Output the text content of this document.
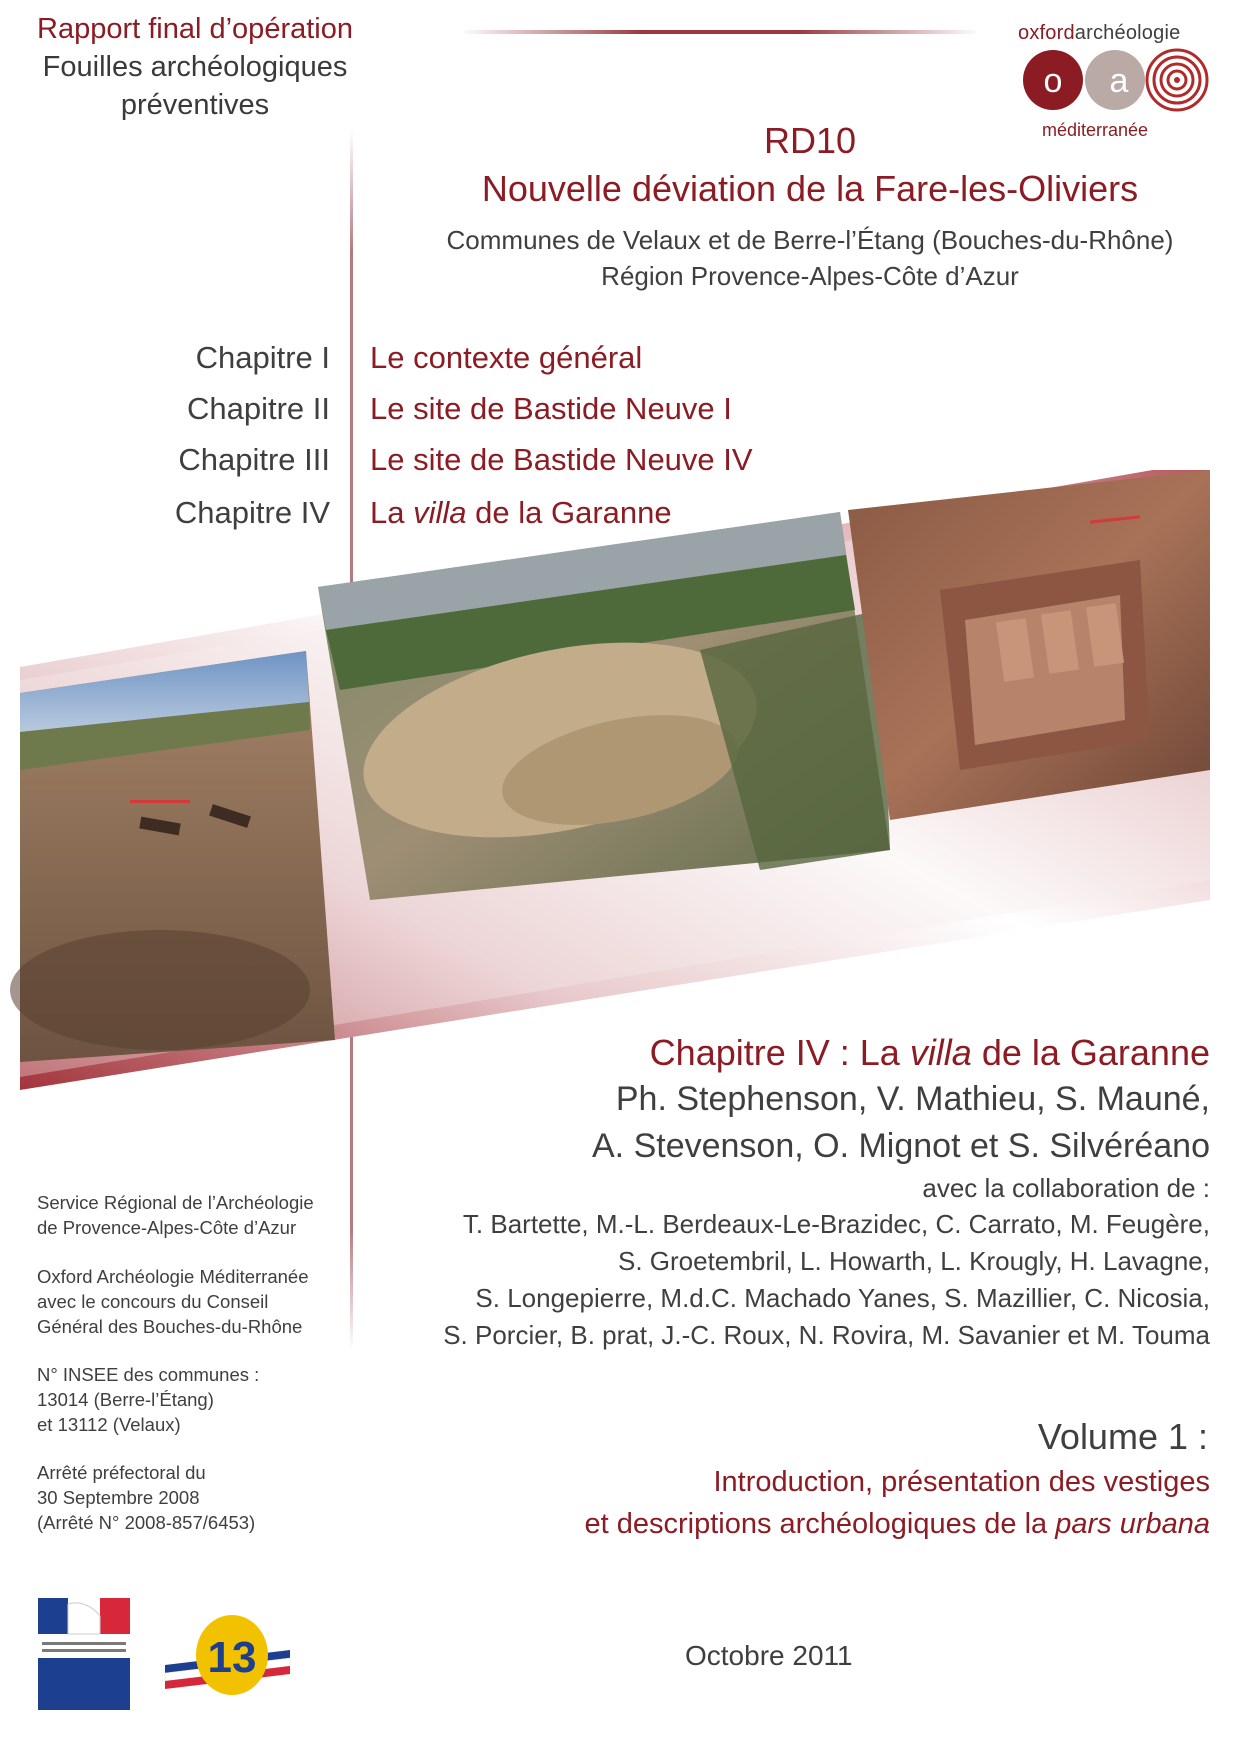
Rapport final d’opération
Fouilles archéologiques
préventives
o a
oxfordarchéologie
méditerranée
RD10
Nouvelle déviation de la Fare-les-Oliviers
Communes de Velaux et de Berre-l’Étang (Bouches-du-Rhône)
Région Provence-Alpes-Côte d’Azur
Chapitre I Le contexte général
Chapitre II Le site de Bastide Neuve I
Chapitre III Le site de Bastide Neuve IV
Chapitre IV La villa de la Garanne
Chapitre IV : La villa de la Garanne
Ph. Stephenson, V. Mathieu, S. Mauné,
A. Stevenson, O. Mignot et S. Silvéréano
avec la collaboration de :
T. Bartette, M.-L. Berdeaux-Le-Brazidec, C. Carrato, M. Feugère,
S. Groetembril, L. Howarth, L. Krougly, H. Lavagne,
S. Longepierre, M.d.C. Machado Yanes, S. Mazillier, C. Nicosia,
S. Porcier, B. prat, J.-C. Roux, N. Rovira, M. Savanier et M. Touma
Volume 1 :
Introduction, présentation des vestiges
et descriptions archéologiques de la pars urbana
Service Régional de l’Archéologie
de Provence-Alpes-Côte d’Azur
Oxford Archéologie Méditerranée
avec le concours du Conseil
Général des Bouches-du-Rhône
N° INSEE des communes :
13014 (Berre-l’Étang)
et 13112 (Velaux)
Arrêté préfectoral du
30 Septembre 2008
(Arrêté N° 2008-857/6453)
Octobre 2011
13
